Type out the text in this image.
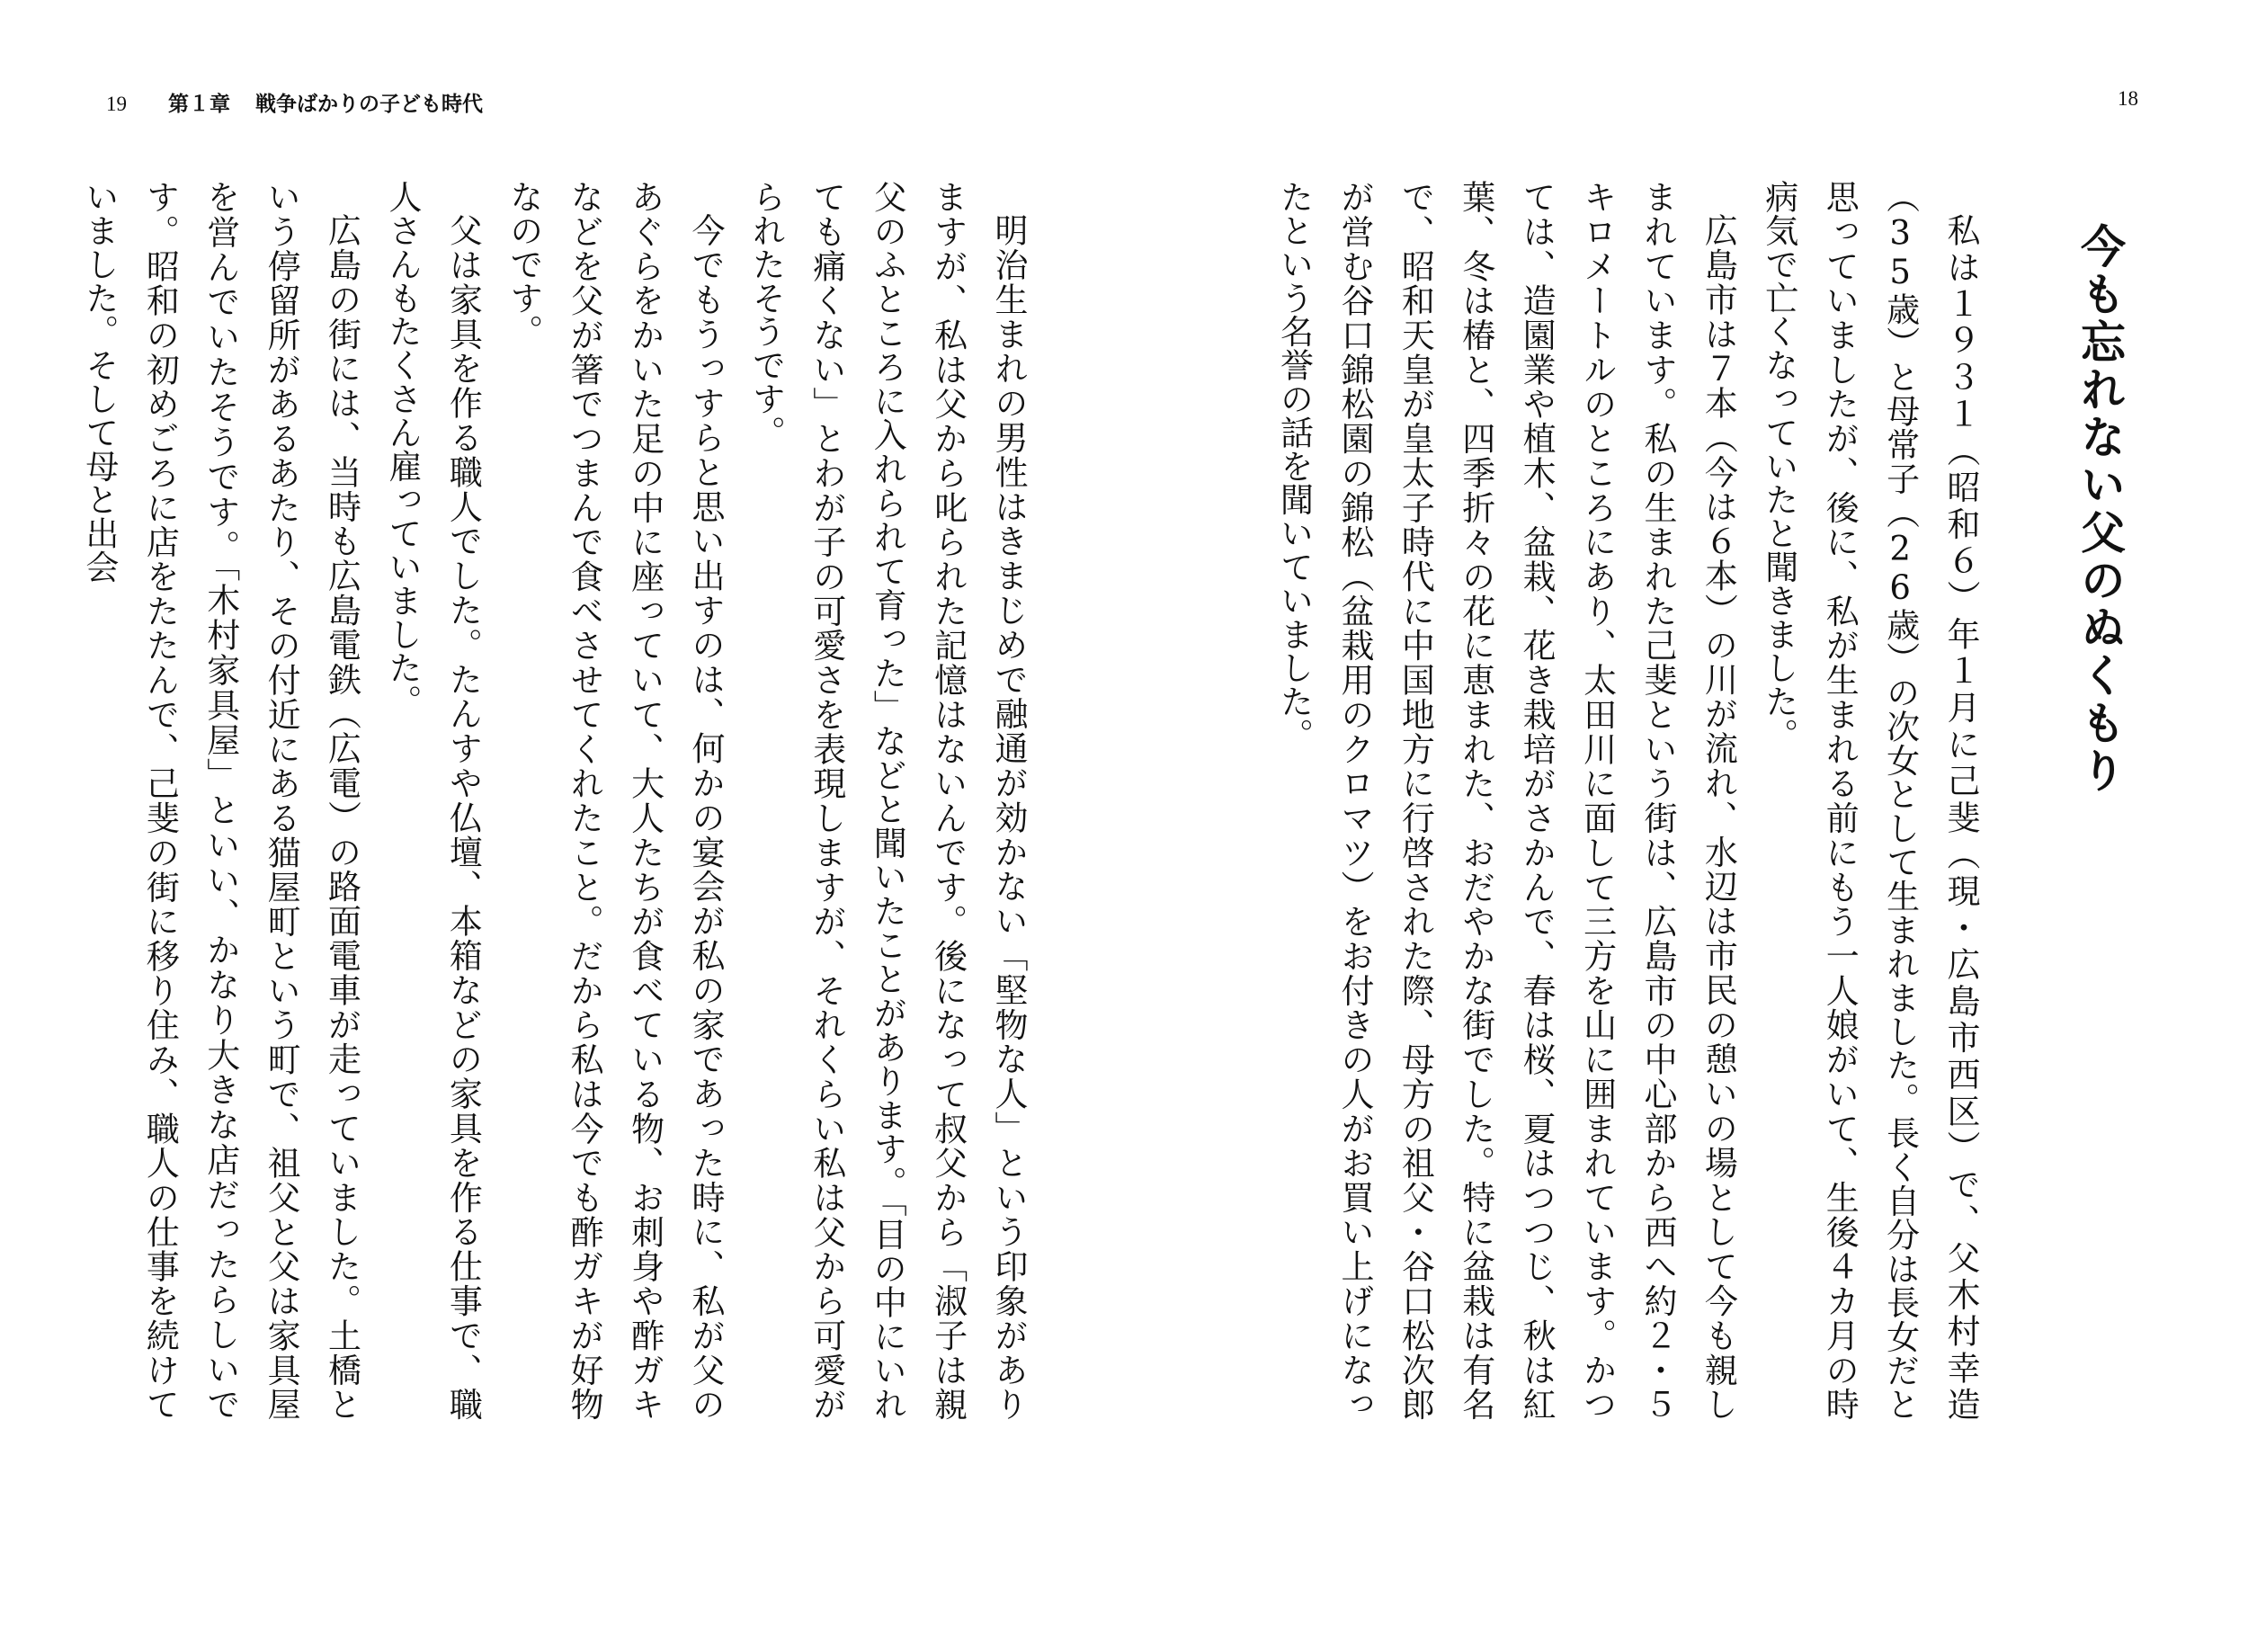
19 第１章 戦争ばかりの子ども時代	18
今も忘れない父のぬくもり

私は１９３１（昭和６）年１月に己斐（現・広島市西区）で、父木村幸造（35歳）と母常子（26歳）の次女として生まれました。長く自分は長女だと思っていましたが、後に、私が生まれる前にもう一人娘がいて、生後４カ月の時病気で亡くなっていたと聞きました。

広島市は７本（今は６本）の川が流れ、水辺は市民の憩いの場として今も親しまれています。私の生まれた己斐という街は、広島市の中心部から西へ約２・５キロメートルのところにあり、太田川に面して三方を山に囲まれています。かつては、造園業や植木、盆栽、花き栽培がさかんで、春は桜、夏はつつじ、秋は紅葉、冬は椿と、四季折々の花に恵まれた、おだやかな街でした。特に盆栽は有名で、昭和天皇が皇太子時代に中国地方に行啓された際、母方の祖父・谷口松次郎が営む谷口錦松園の錦松（盆栽用のクロマツ）をお付きの人がお買い上げになったという名誉の話を聞いていました。

明治生まれの男性はきまじめで融通が効かない「堅物な人」という印象がありますが、私は父から叱られた記憶はないんです。後になって叔父から「淑子は親父のふところに入れられて育った」などと聞いたことがあります。「目の中にいれても痛くない」とわが子の可愛さを表現しますが、それくらい私は父から可愛がられたそうです。

今でもうっすらと思い出すのは、何かの宴会が私の家であった時に、私が父のあぐらをかいた足の中に座っていて、大人たちが食べている物、お刺身や酢ガキなどを父が箸でつまんで食べさせてくれたこと。だから私は今でも酢ガキが好物なのです。

父は家具を作る職人でした。たんすや仏壇、本箱などの家具を作る仕事で、職人さんもたくさん雇っていました。

広島の街には、当時も広島電鉄（広電）の路面電車が走っていました。土橋という停留所があるあたり、その付近にある猫屋町という町で、祖父と父は家具屋を営んでいたそうです。「木村家具屋」といい、かなり大きな店だったらしいです。昭和の初めごろに店をたたんで、己斐の街に移り住み、職人の仕事を続けていました。そして母と出会
